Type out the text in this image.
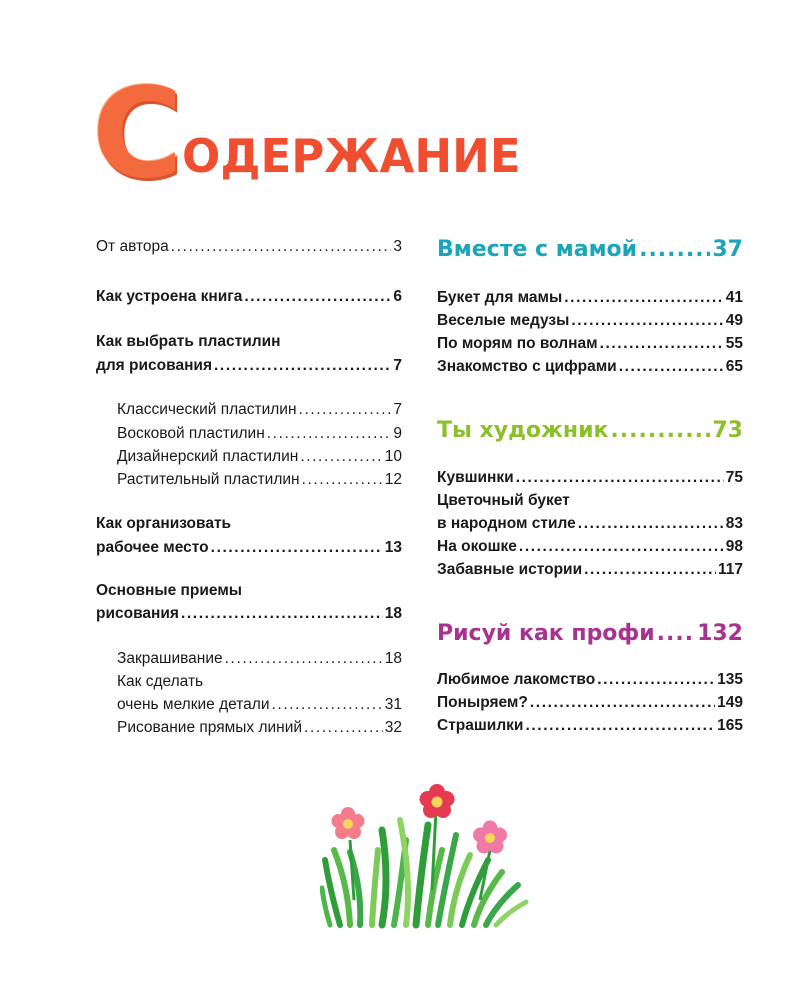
С
ОДЕРЖАНИЕ
От автора .....	3
Как устроена книга .....	6
Как выбрать пластилин
для рисования .....	7
Классический пластилин .....	7
Восковой пластилин .....	9
Дизайнерский пластилин .....	10
Растительный пластилин .....	12
Как организовать
рабочее место .....	13
Основные приемы
рисования .....	18
Закрашивание .....	18
Как сделать
очень мелкие детали .....	31
Рисование прямых линий .....	32
Вместе с мамой .....	37
Букет для мамы .....	41
Веселые медузы .....	49
По морям по волнам .....	55
Знакомство с цифрами .....	65
Ты художник .....	73
Кувшинки .....	75
Цветочный букет
в народном стиле .....	83
На окошке .....	98
Забавные истории .....	117
Рисуй как профи ..... 132
Любимое лакомство .....	135
Поныряем? .....	149
Страшилки .....	165
